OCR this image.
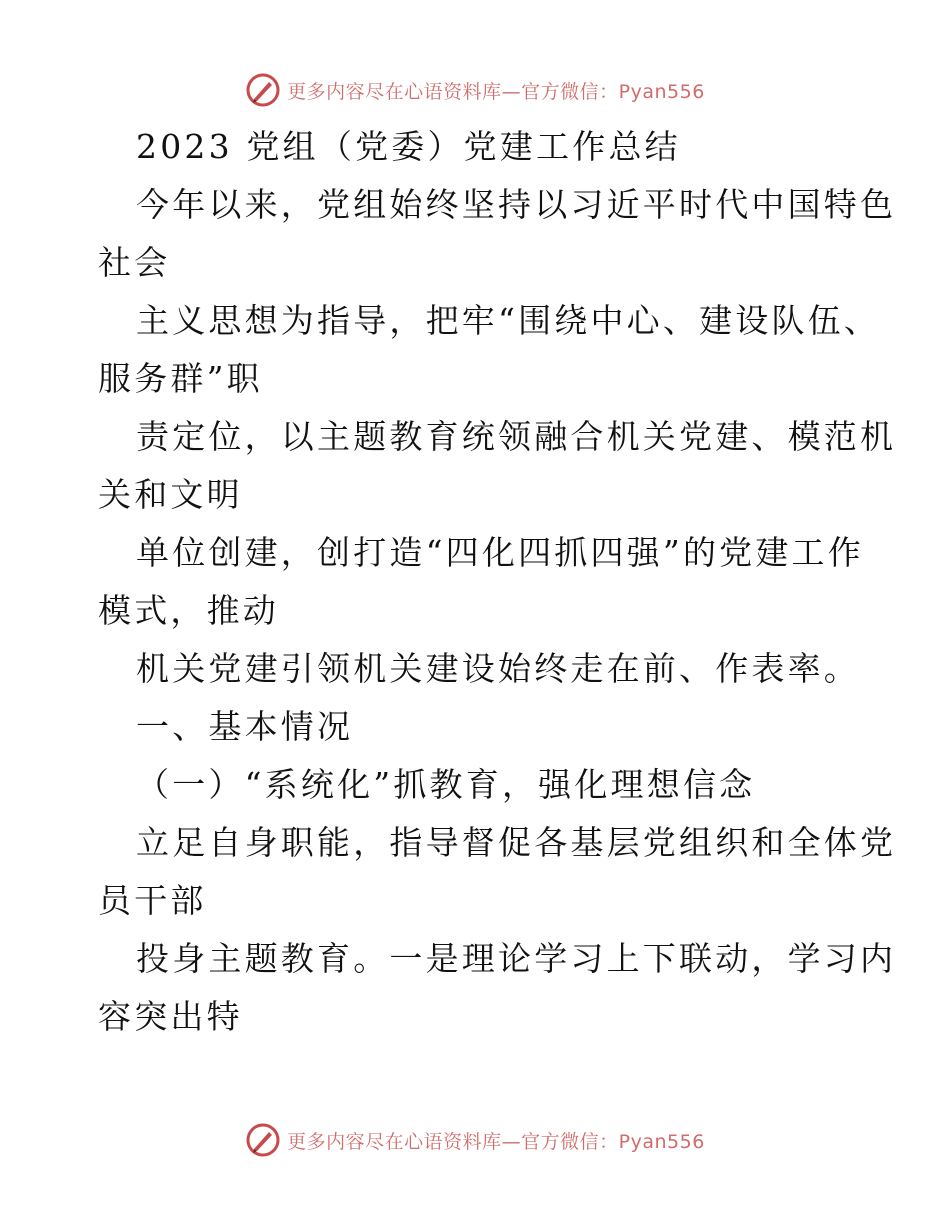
更多内容尽在心语资料库—官方微信：Pyan556
2023 党组（党委）党建工作总结
今年以来，党组始终坚持以习近平时代中国特色
社会
主义思想为指导，把牢“围绕中心、建设队伍、
服务群”职
责定位，以主题教育统领融合机关党建、模范机
关和文明
单位创建，创打造“四化四抓四强”的党建工作
模式，推动
机关党建引领机关建设始终走在前、作表率。
一、基本情况
（一）“系统化”抓教育，强化理想信念
立足自身职能，指导督促各基层党组织和全体党
员干部
投身主题教育。一是理论学习上下联动，学习内
容突出特
更多内容尽在心语资料库—官方微信：Pyan556
